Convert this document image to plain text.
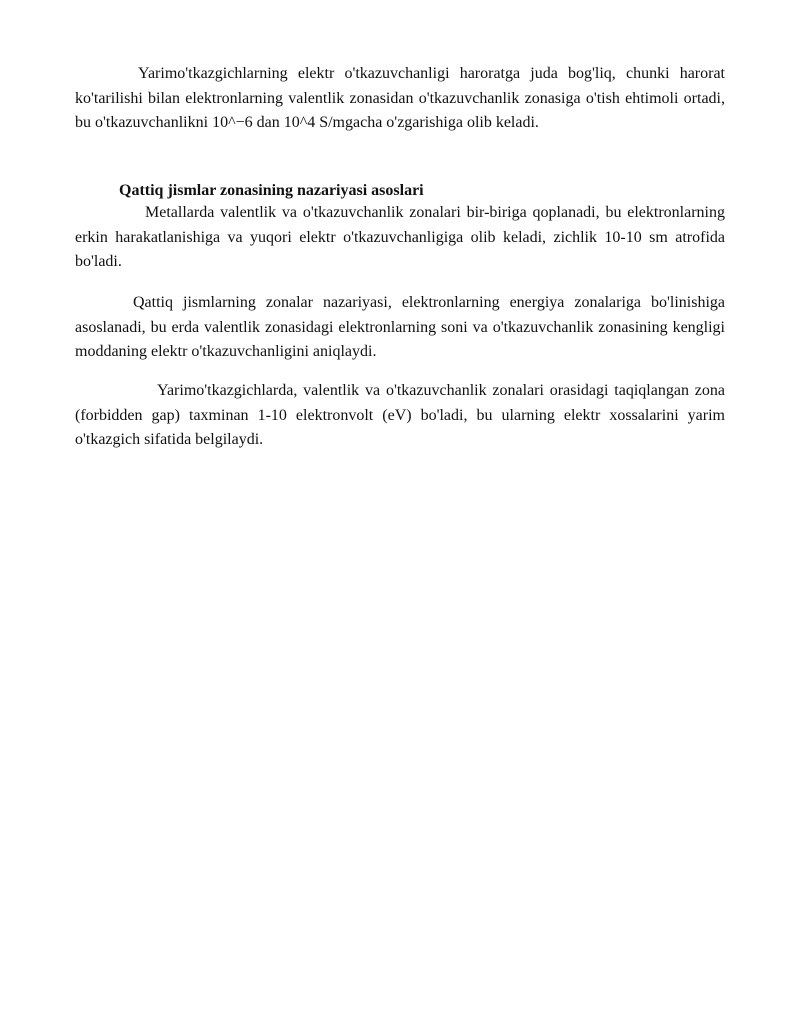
Yarimo'tkazgichlarning elektr o'tkazuvchanligi haroratga juda bog'liq, chunki harorat ko'tarilishi bilan elektronlarning valentlik zonasidan o'tkazuvchanlik zonasiga o'tish ehtimoli ortadi, bu o'tkazuvchanlikni 10^−6 dan 10^4 S/mgacha o'zgarishiga olib keladi.

Qattiq jismlar zonasining nazariyasi asoslari

Metallarda valentlik va o'tkazuvchanlik zonalari bir-biriga qoplanadi, bu elektronlarning erkin harakatlanishiga va yuqori elektr o'tkazuvchanligiga olib keladi, zichlik 10-10 sm atrofida bo'ladi.

Qattiq jismlarning zonalar nazariyasi, elektronlarning energiya zonalariga bo'linishiga asoslanadi, bu erda valentlik zonasidagi elektronlarning soni va o'tkazuvchanlik zonasining kengligi moddaning elektr o'tkazuvchanligini aniqlaydi.

Yarimo'tkazgichlarda, valentlik va o'tkazuvchanlik zonalari orasidagi taqiqlangan zona (forbidden gap) taxminan 1-10 elektronvolt (eV) bo'ladi, bu ularning elektr xossalarini yarim o'tkazgich sifatida belgilaydi.
